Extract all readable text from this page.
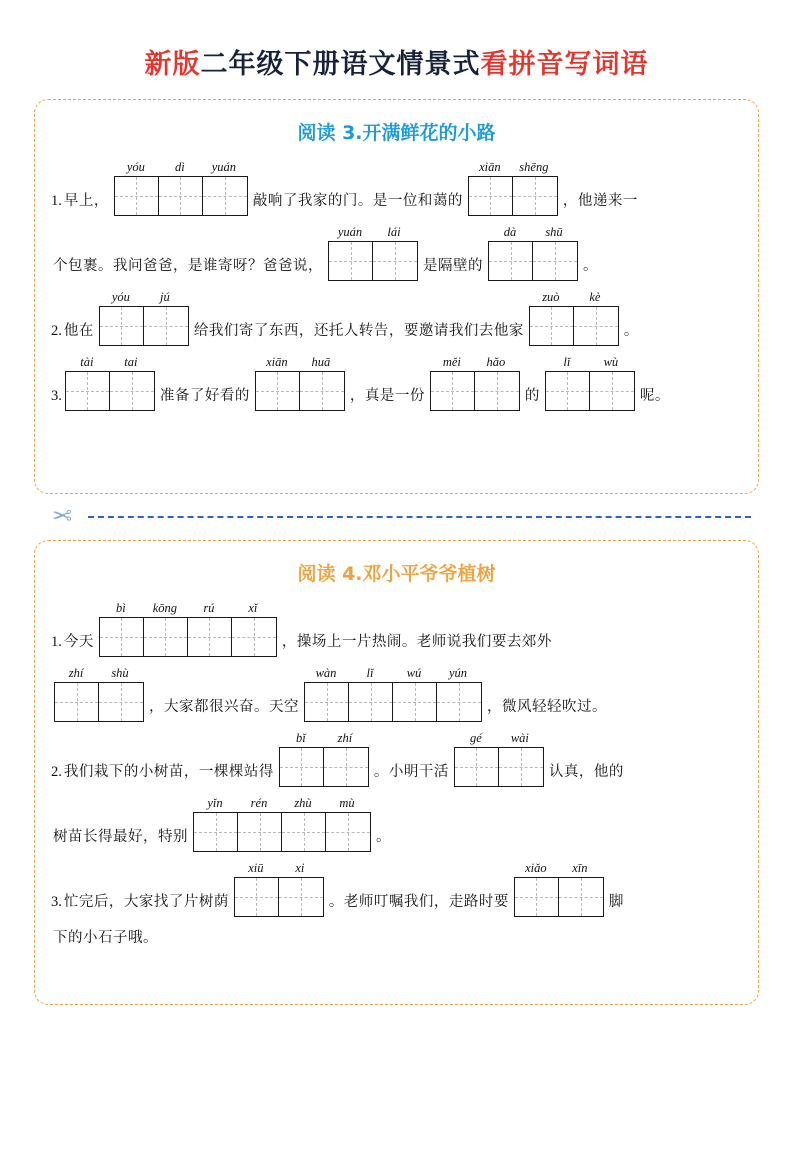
新版二年级下册语文情景式看拼音写词语
阅读 3.开满鲜花的小路
1. 早上，
yóu	dì	yuán
敲响了我家的门。是一位和蔼的
xiān	shēng
，他递来一
个包裹。我问爸爸，是谁寄呀？爸爸说，
yuán	lái
是隔壁的
dà	shū
。
2. 他在
yóu	jú
给我们寄了东西，还托人转告，要邀请我们去他家
zuò	kè
。
3.
tài	tai
准备了好看的
xiān	huā
，真是一份
měi	hǎo
的
lǐ	wù
呢。
✂
阅读 4.邓小平爷爷植树
1. 今天
bì	kōng	rú	xǐ
，操场上一片热闹。老师说我们要去郊外
zhí	shù
，大家都很兴奋。天空
wàn	lǐ	wú	yún
，微风轻轻吹过。
2. 我们栽下的小树苗，一棵棵站得
bǐ	zhí
。小明干活
gé	wài
认真，他的
树苗长得最好，特别
yǐn	rén	zhù	mù
。
3. 忙完后，大家找了片树荫
xiū	xi
。老师叮嘱我们，走路时要
xiǎo	xīn
脚
下的小石子哦。
